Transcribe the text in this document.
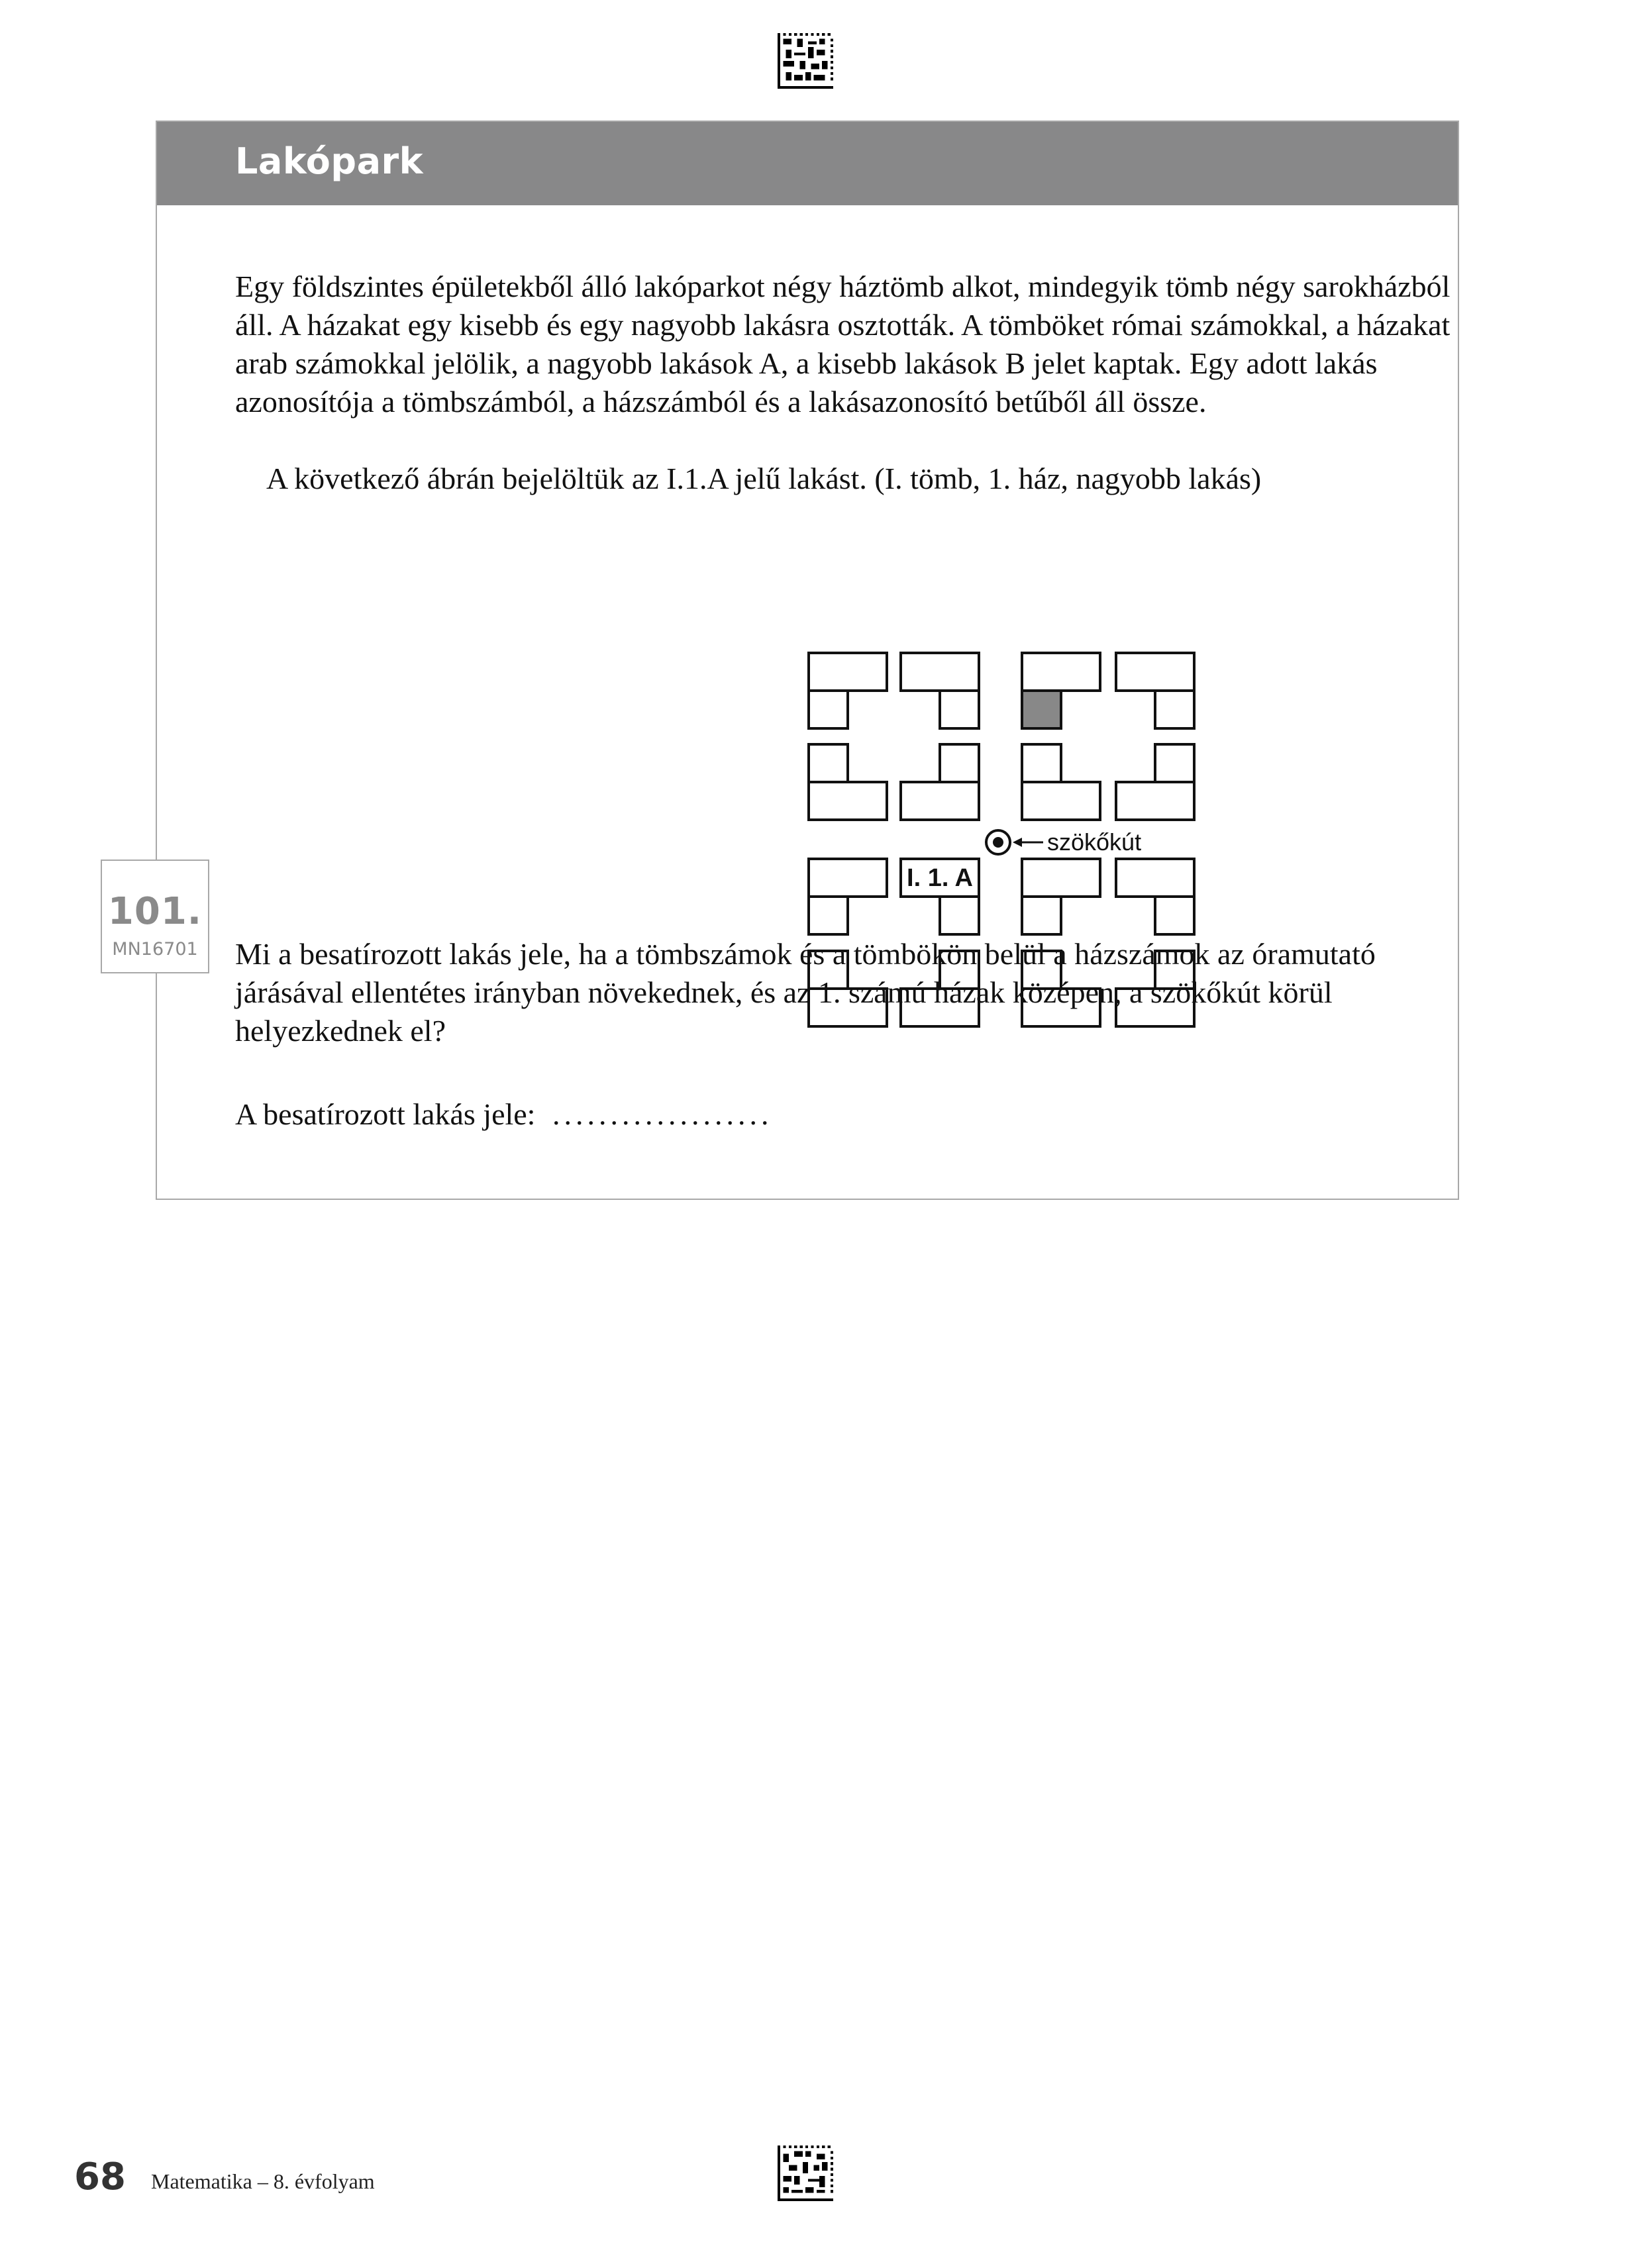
Lakópark

Egy földszintes épületekből álló lakóparkot négy háztömb alkot, mindegyik tömb négy sarokházból áll. A házakat egy kisebb és egy nagyobb lakásra osztották. A tömböket római számokkal, a házakat arab számokkal jelölik, a nagyobb lakások A, a kisebb lakások B jelet kaptak. Egy adott lakás azonosítója a tömbszámból, a házszámból és a lakásazonosító betűből áll össze.

A következő ábrán bejelöltük az I.1.A jelű lakást. (I. tömb, 1. ház, nagyobb lakás)

I. 1. A
szökőkút

Mi a besatírozott lakás jele, ha a tömbszámok és a tömbökön belül a házszámok az óramutató járásával ellentétes irányban növekednek, és az 1. számú házak középen, a szökőkút körül helyezkednek el?

A besatírozott lakás jele: ...................

101.
MN16701
68 Matematika – 8. évfolyam
